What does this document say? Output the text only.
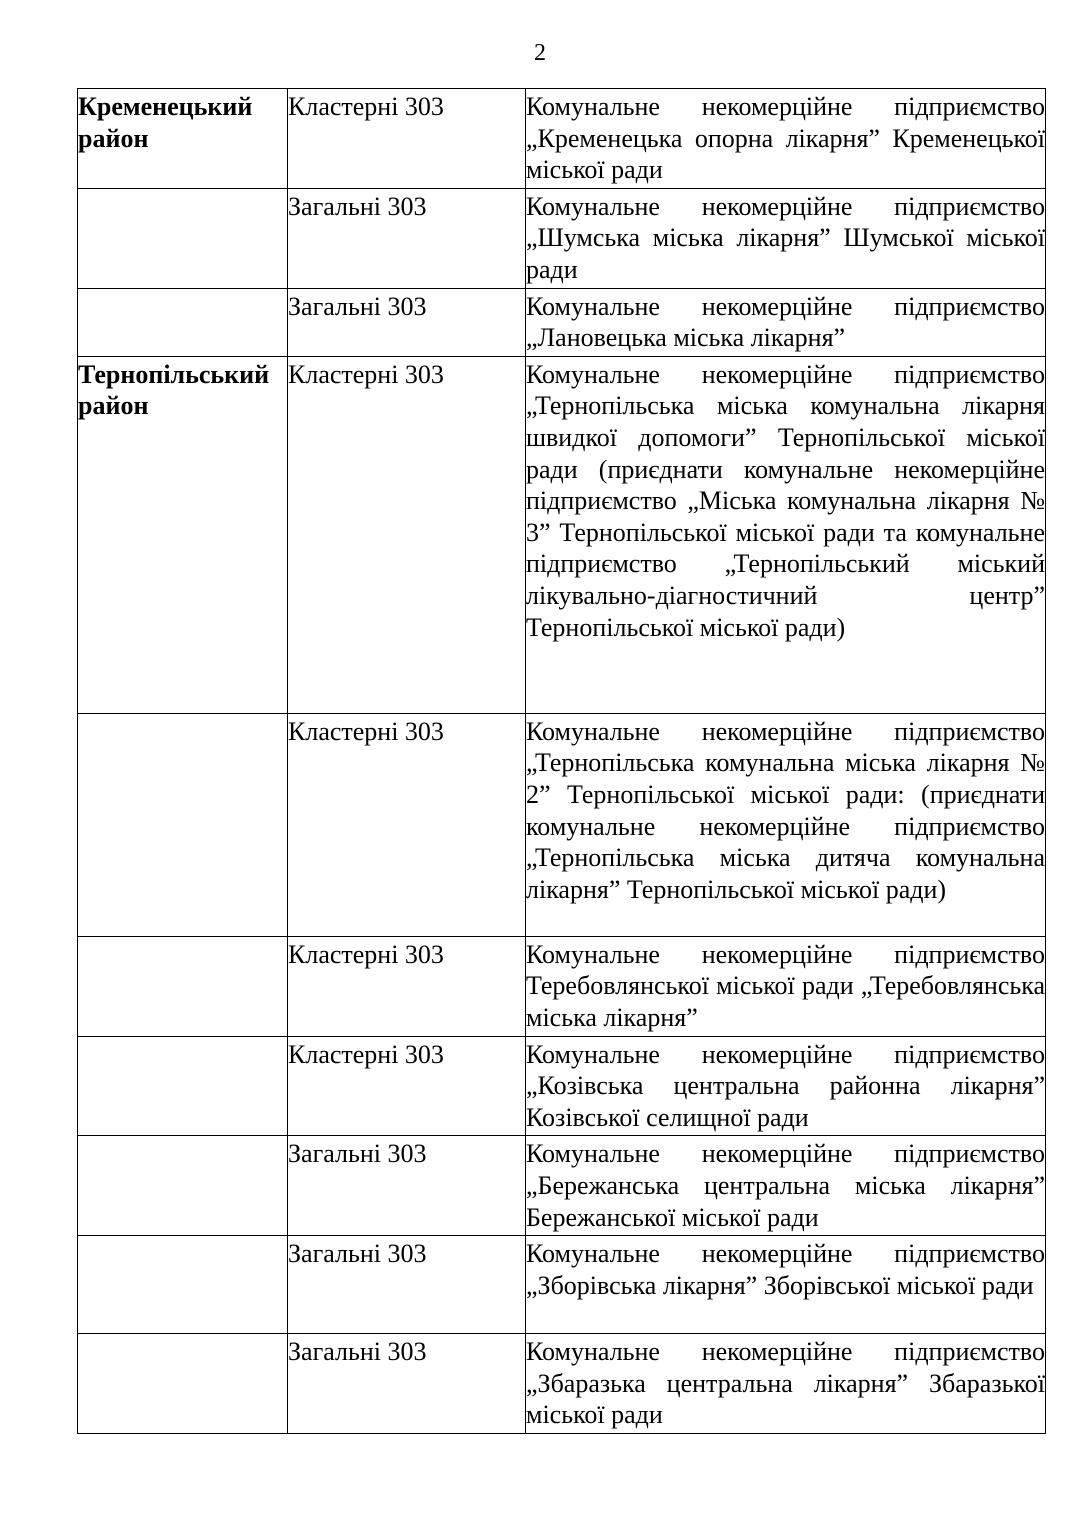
2
Кременецький район	Кластерні 303	Комунальне некомерційне підприємство „Кременецька опорна лікарня” Кременецької міської ради
	Загальні 303	Комунальне некомерційне підприємство „Шумська міська лікарня” Шумської міської ради
	Загальні 303	Комунальне некомерційне підприємство „Лановецька міська лікарня”
Тернопільський район	Кластерні 303	Комунальне некомерційне підприємство „Тернопільська міська комунальна лікарня швидкої допомоги” Тернопільської міської ради (приєднати комунальне некомерційне підприємство „Міська комунальна лікарня № 3” Тернопільської міської ради та комунальне підприємство „Тернопільський міський лікувально-діагностичний центр” Тернопільської міської ради)
	Кластерні 303	Комунальне некомерційне підприємство „Тернопільська комунальна міська лікарня № 2” Тернопільської міської ради: (приєднати комунальне некомерційне підприємство „Тернопільська міська дитяча комунальна лікарня” Тернопільської міської ради)
	Кластерні 303	Комунальне некомерційне підприємство Теребовлянської міської ради „Теребовлянська міська лікарня”
	Кластерні 303	Комунальне некомерційне підприємство „Козівська центральна районна лікарня” Козівської селищної ради
	Загальні 303	Комунальне некомерційне підприємство „Бережанська центральна міська лікарня” Бережанської міської ради
	Загальні 303	Комунальне некомерційне підприємство „Зборівська лікарня” Зборівської міської ради
	Загальні 303	Комунальне некомерційне підприємство „Збаразька центральна лікарня” Збаразької міської ради
